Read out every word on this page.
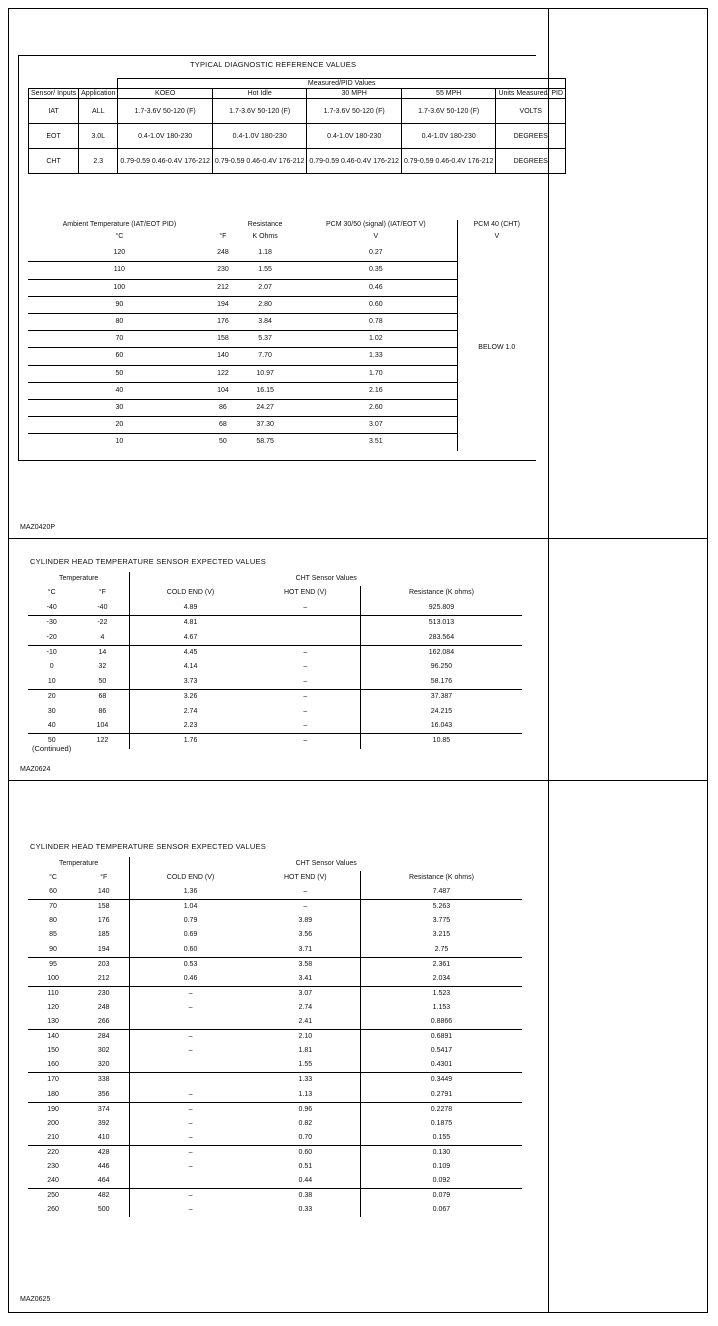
TYPICAL DIAGNOSTIC REFERENCE VALUES
		Measured/PID Values				
Sensor/ Inputs	Application	KOEO	Hot Idle	30 MPH	55 MPH	Units Measured/ PID
IAT	ALL	1.7-3.6V 50-120 (F)	1.7-3.6V 50-120 (F)	1.7-3.6V 50-120 (F)	1.7-3.6V 50-120 (F)	VOLTS
EOT	3.0L	0.4-1.0V 180-230	0.4-1.0V 180-230	0.4-1.0V 180-230	0.4-1.0V 180-230	DEGREES
CHT	2.3	0.79-0.59 0.46-0.4V 176-212	0.79-0.59 0.46-0.4V 176-212	0.79-0.59 0.46-0.4V 176-212	0.79-0.59 0.46-0.4V 176-212	DEGREES
Ambient Temperature (IAT/EOT PID)		Resistance	PCM 30/50 (signal) (IAT/EOT V)	PCM 40 (CHT)
°C	°F	K Ohms	V	V
120	248	1.18	0.27	BELOW 1.0
110	230	1.55	0.35	
100	212	2.07	0.46	
90	194	2.80	0.60	
80	176	3.84	0.78	
70	158	5.37	1.02	
60	140	7.70	1.33	
50	122	10.97	1.70	
40	104	16.15	2.16	
30	86	24.27	2.60	
20	68	37.30	3.07	
10	50	58.75	3.51	
MAZ0420P
CYLINDER HEAD TEMPERATURE SENSOR EXPECTED VALUES
Temperature		CHT Sensor Values		
°C	°F	COLD END (V)	HOT END (V)	Resistance (K ohms)
-40	-40	4.89	–	925.809
-30	-22	4.81		513.013
-20	4	4.67		283.564
-10	14	4.45	–	162.084
0	32	4.14	–	96.250
10	50	3.73	–	58.176
20	68	3.26	–	37.387
30	86	2.74	–	24.215
40	104	2.23	–	16.043
50	122	1.76	–	10.85
(Continued)
MAZ0624
CYLINDER HEAD TEMPERATURE SENSOR EXPECTED VALUES
Temperature		CHT Sensor Values		
°C	°F	COLD END (V)	HOT END (V)	Resistance (K ohms)
60	140	1.36	–	7.487
70	158	1.04	–	5.263
80	176	0.79	3.89	3.775
85	185	0.69	3.56	3.215
90	194	0.60	3.71	2.75
95	203	0.53	3.58	2.361
100	212	0.46	3.41	2.034
110	230	–	3.07	1.523
120	248	–	2.74	1.153
130	266		2.41	0.8866
140	284	–	2.10	0.6891
150	302	–	1.81	0.5417
160	320		1.55	0.4301
170	338		1.33	0.3449
180	356	–	1.13	0.2791
190	374	–	0.96	0.2278
200	392	–	0.82	0.1875
210	410	–	0.70	0.155
220	428	–	0.60	0.130
230	446	–	0.51	0.109
240	464		0.44	0.092
250	482	–	0.38	0.079
260	500	–	0.33	0.067
MAZ0625
